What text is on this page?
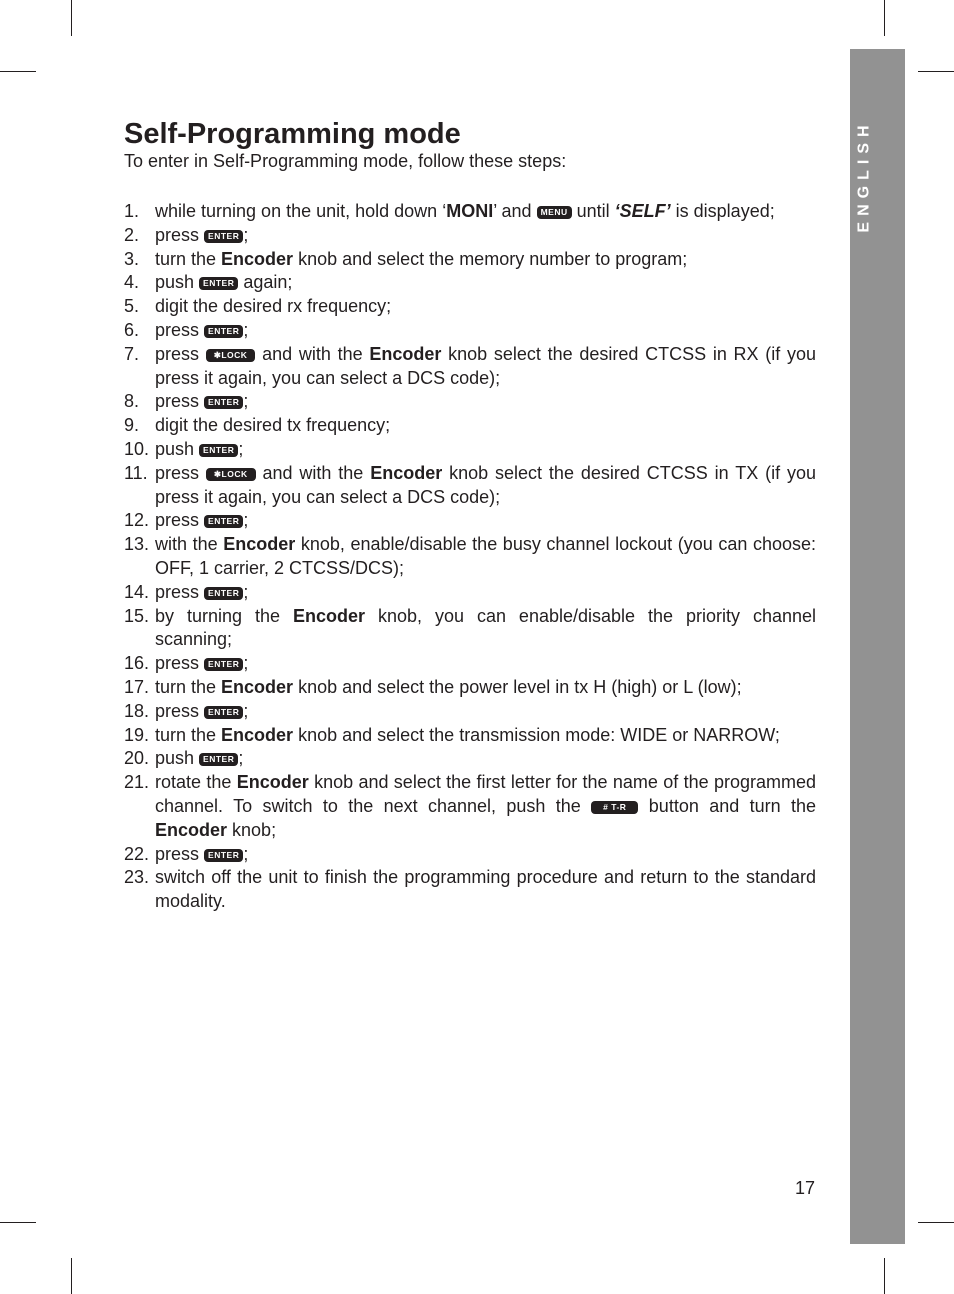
ENGLISH
Self-Programming mode

To enter in Self-Programming mode, follow these steps:

1. while turning on the unit, hold down ‘MONI’ and MENU until ‘SELF’ is displayed;
2. press ENTER ;
3. turn the Encoder knob and select the memory number to program;
4. push ENTER again;
5. digit the desired rx frequency;
6. press ENTER ;
7. press ✱LOCK and with the Encoder knob select the desired CTCSS in RX (if you press it again, you can select a DCS code);
8. press ENTER ;
9. digit the desired tx frequency;
10. push ENTER ;
11. press ✱LOCK and with the Encoder knob select the desired CTCSS in TX (if you press it again, you can select a DCS code);
12. press ENTER ;
13. with the Encoder knob, enable/disable the busy channel lockout (you can choose: OFF, 1 carrier, 2 CTCSS/DCS);
14. press ENTER ;
15. by turning the Encoder knob, you can enable/disable the priority channel scanning;
16. press ENTER ;
17. turn the Encoder knob and select the power level in tx H (high) or L (low);
18. press ENTER ;
19. turn the Encoder knob and select the transmission mode: WIDE or NARROW;
20. push ENTER ;
21. rotate the Encoder knob and select the first letter for the name of the programmed channel. To switch to the next channel, push the # T-R button and turn the Encoder knob;
22. press ENTER ;
23. switch off the unit to finish the programming procedure and return to the standard modality.
17
